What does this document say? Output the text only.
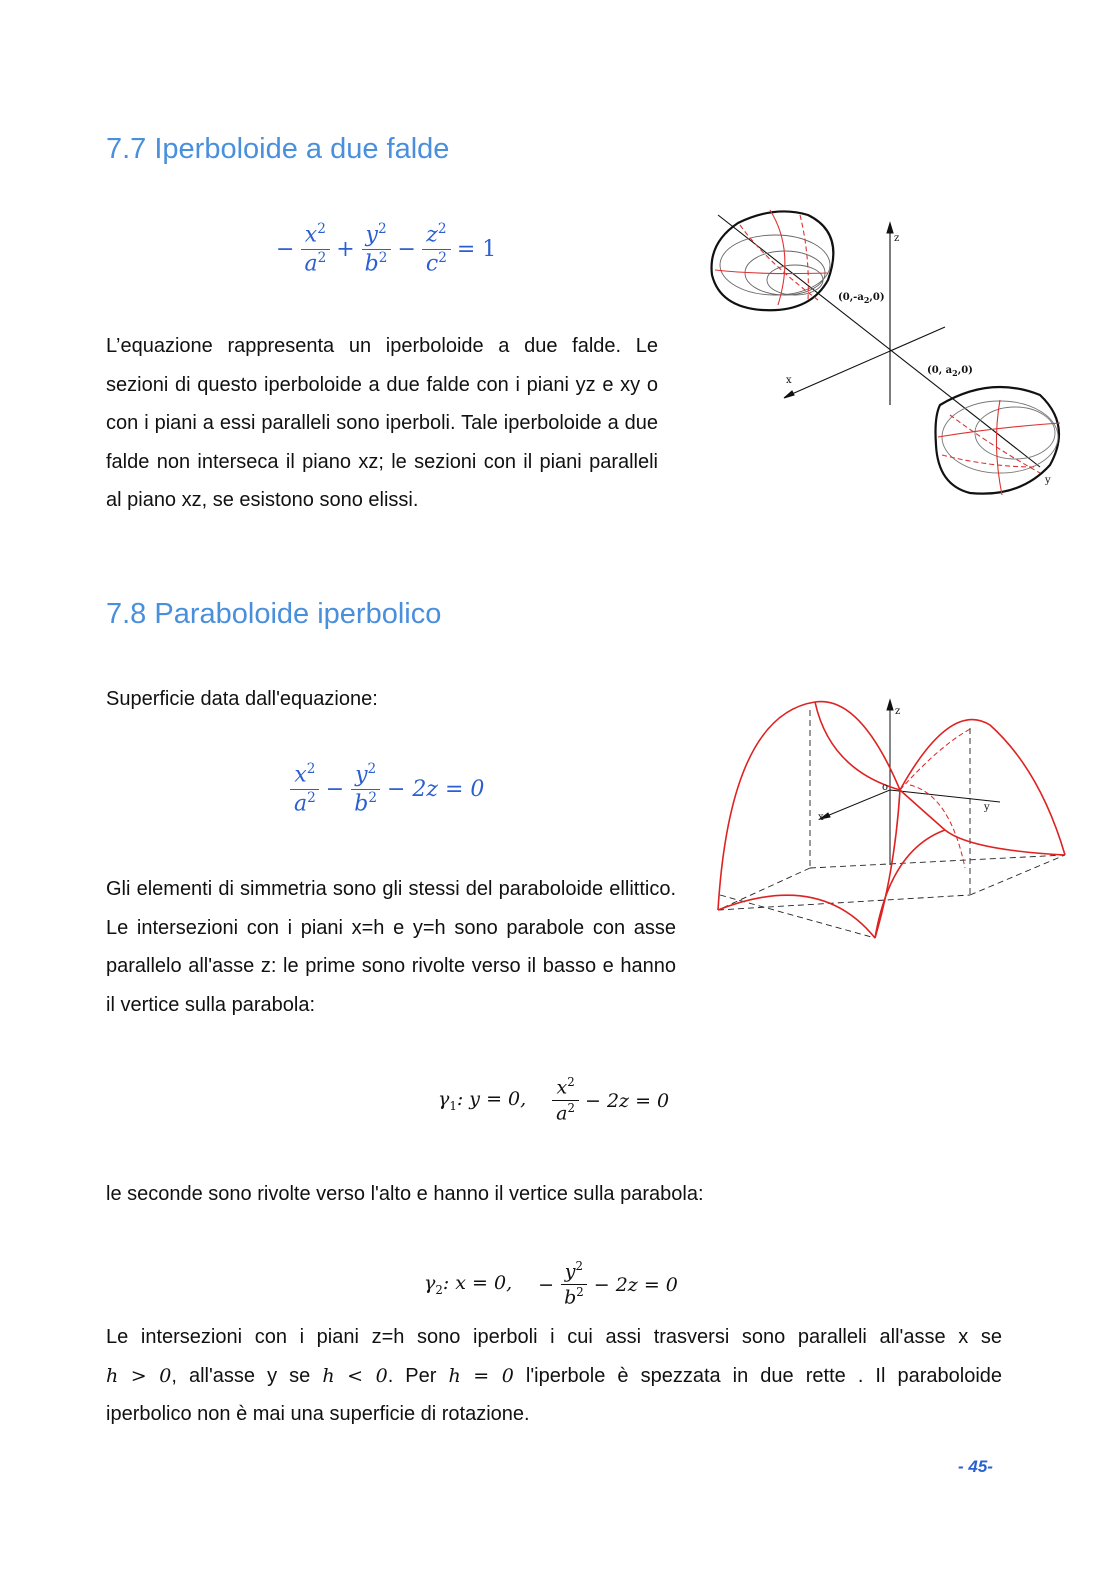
7.7 Iperboloide a due falde
− $\frac{x^2}{a^2} + \frac{y^2}{b^2} - \frac{z^2}{c^2} = 1$

L’equazione rappresenta un iperboloide a due falde. Le sezioni di questo iperboloide a due falde con i piani yz e xy o con i piani a essi paralleli sono iperboli. Tale iperboloide a due falde non interseca il piano xz; le sezioni con il piani paralleli al piano xz, se esistono sono elissi.

z
x
y
$(0,-a_2,0)$
(0, $a_2,0$)
7.8 Paraboloide iperbolico

Superficie data dall'equazione:

$\frac{x^2}{a^2} - \frac{y^2}{b^2} - 2z = 0$

Gli elementi di simmetria sono gli stessi del paraboloide ellittico. Le intersezioni con i piani x=h e y=h sono parabole con asse parallelo all'asse z: le prime sono rivolte verso il basso e hanno il vertice sulla parabola:

z
o
x
y
$\gamma_1$: y = 0, $\frac{x^2}{a^2} - 2z = 0$

le seconde sono rivolte verso l'alto e hanno il vertice sulla parabola:

$\gamma_2$: x = 0, − $\frac{y^2}{b^2} - 2z = 0$

Le intersezioni con i piani z=h sono iperboli i cui assi trasversi sono paralleli all'asse x se

h > 0, all'asse y se h < 0. Per h = 0 l'iperbole è spezzata in due rette . Il paraboloide

iperbolico non è mai una superficie di rotazione.

- 45-
